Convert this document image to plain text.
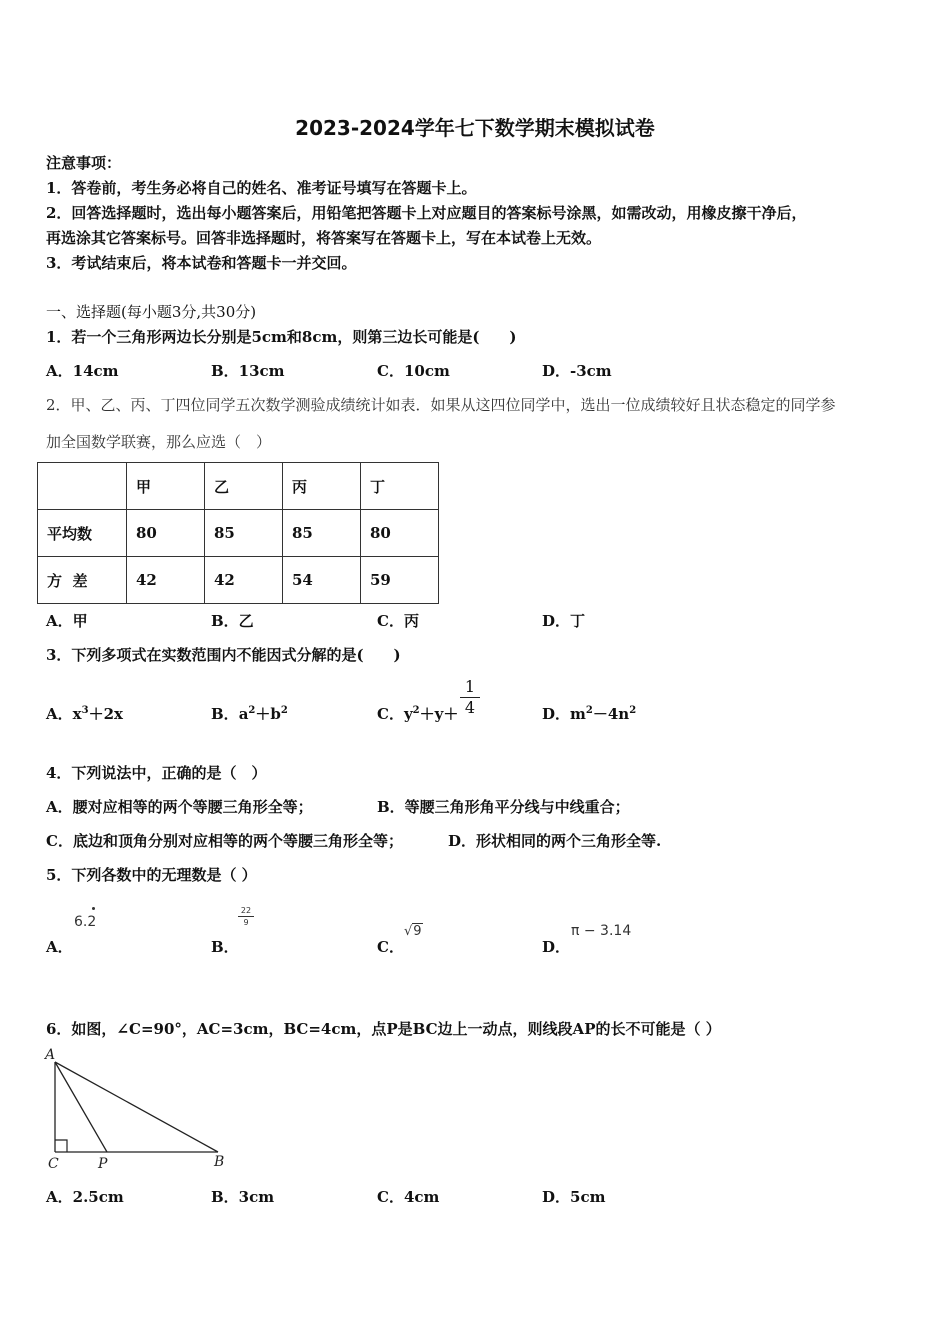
2023-2024学年七下数学期末模拟试卷
注意事项：
1．答卷前，考生务必将自己的姓名、准考证号填写在答题卡上。
2．回答选择题时，选出每小题答案后，用铅笔把答题卡上对应题目的答案标号涂黑，如需改动，用橡皮擦干净后，
再选涂其它答案标号。回答非选择题时，将答案写在答题卡上，写在本试卷上无效。
3．考试结束后，将本试卷和答题卡一并交回。
一、选择题(每小题3分,共30分)
1．若一个三角形两边长分别是5cm和8cm，则第三边长可能是(　　)
A．14cm	B．13cm	C．10cm	D．-3cm
2．甲、乙、丙、丁四位同学五次数学测验成绩统计如表．如果从这四位同学中，选出一位成绩较好且状态稳定的同学参
加全国数学联赛，那么应选（　）
	甲	乙	丙	丁
平均数	80	85	85	80
方  差	42	42	54	59
A．甲	B．乙	C．丙	D．丁
3．下列多项式在实数范围内不能因式分解的是(　　)
A．$x^3+2x$	B．$a^2+b^2$	C．$y^2+y+$
1
4	D．$m^2-4n^2$
4．下列说法中，正确的是（　）
A．腰对应相等的两个等腰三角形全等；	B．等腰三角形角平分线与中线重合；
C．底边和顶角分别对应相等的两个等腰三角形全等；	D．形状相同的两个三角形全等.
5．下列各数中的无理数是（ ）
A．
6.2
B．
22
9
C．
√9
D．
π − 3.14
6．如图，∠C=90°，AC=3cm，BC=4cm，点P是BC边上一动点，则线段AP的长不可能是（ ）
A
C	P	B
A．2.5cm	B．3cm	C．4cm	D．5cm
